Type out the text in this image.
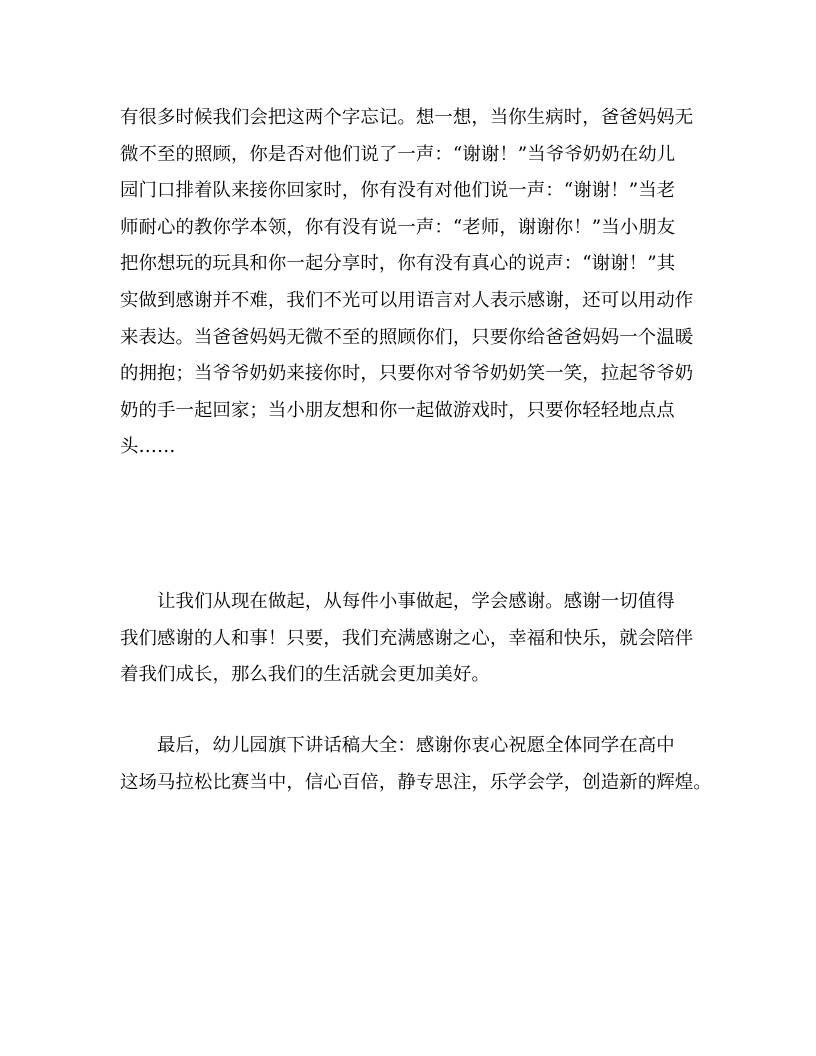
有很多时候我们会把这两个字忘记。想一想，当你生病时，爸爸妈妈无
微不至的照顾，你是否对他们说了一声：“谢谢！”当爷爷奶奶在幼儿
园门口排着队来接你回家时，你有没有对他们说一声：“谢谢！”当老
师耐心的教你学本领，你有没有说一声：“老师，谢谢你！”当小朋友
把你想玩的玩具和你一起分享时，你有没有真心的说声：“谢谢！”其
实做到感谢并不难，我们不光可以用语言对人表示感谢，还可以用动作
来表达。当爸爸妈妈无微不至的照顾你们，只要你给爸爸妈妈一个温暖
的拥抱；当爷爷奶奶来接你时，只要你对爷爷奶奶笑一笑，拉起爷爷奶
奶的手一起回家；当小朋友想和你一起做游戏时，只要你轻轻地点点
头……
　　让我们从现在做起，从每件小事做起，学会感谢。感谢一切值得
我们感谢的人和事！只要，我们充满感谢之心，幸福和快乐，就会陪伴
着我们成长，那么我们的生活就会更加美好。
　　最后，幼儿园旗下讲话稿大全：感谢你衷心祝愿全体同学在高中
这场马拉松比赛当中，信心百倍，静专思注，乐学会学，创造新的辉煌。
